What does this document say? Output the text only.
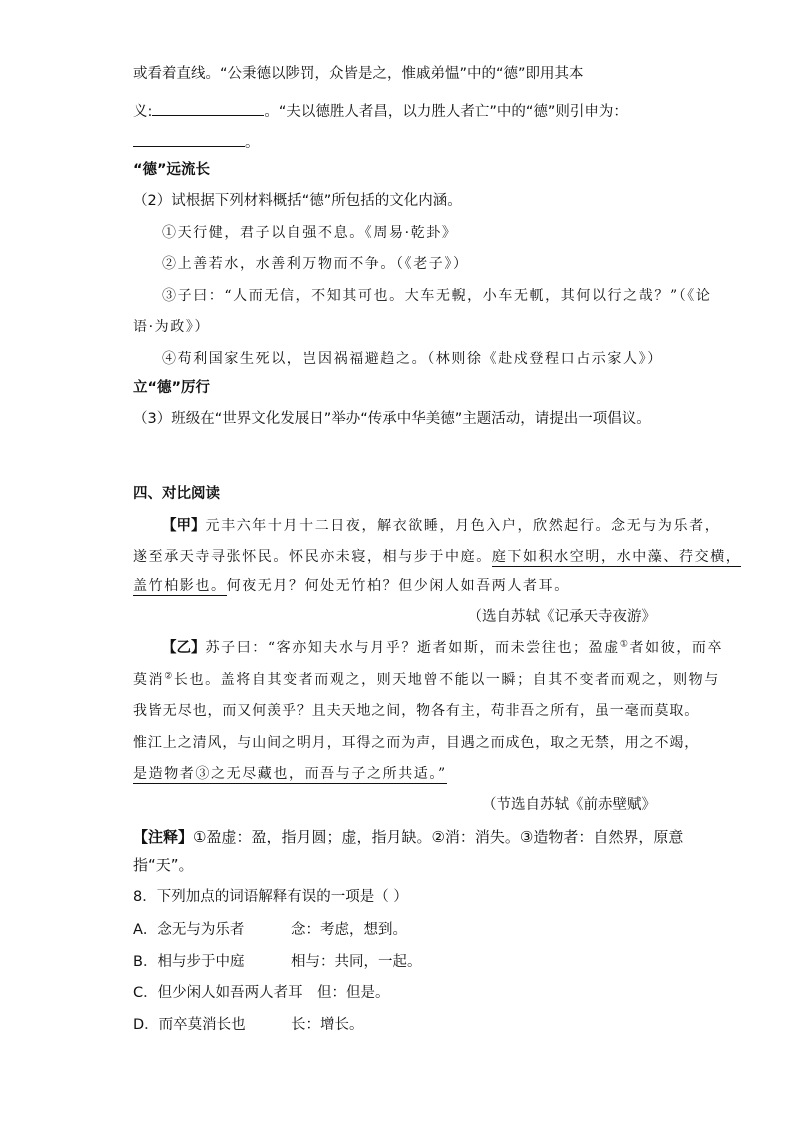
或看着直线。“公秉德以陟罚，众皆是之，惟戚弟愠”中的“德”即用其本
义:	。“夫以德胜人者昌，以力胜人者亡”中的“德”则引申为：
。
“德”远流长
（2）试根据下列材料概括“德”所包括的文化内涵。
①天行健，君子以自强不息。《周易·乾卦》
②上善若水，水善利万物而不争。（《老子》）
③子曰：“人而无信，不知其可也。大车无輗，小车无軏，其何以行之哉？”（《论
语·为政》）
④苟利国家生死以，岂因祸福避趋之。（林则徐《赴戍登程口占示家人》）
立“德”厉行
（3）班级在“世界文化发展日”举办“传承中华美德”主题活动，请提出一项倡议。
四、对比阅读
【甲】元丰六年十月十二日夜，解衣欲睡，月色入户，欣然起行。念无与为乐者，
遂至承天寺寻张怀民。怀民亦未寝，相与步于中庭。庭下如积水空明，水中藻、荇交横，
盖竹柏影也。何夜无月？何处无竹柏？但少闲人如吾两人者耳。
（选自苏轼《记承天寺夜游》
【乙】苏子曰：“客亦知夫水与月乎？逝者如斯，而未尝往也；盈虚①者如彼，而卒
莫消②长也。盖将自其变者而观之，则天地曾不能以一瞬；自其不变者而观之，则物与
我皆无尽也，而又何羡乎？且夫天地之间，物各有主，苟非吾之所有，虽一毫而莫取。
惟江上之清风，与山间之明月，耳得之而为声，目遇之而成色，取之无禁，用之不竭，
是造物者③之无尽藏也，而吾与子之所共适。”
（节选自苏轼《前赤壁赋》
【注释】①盈虚：盈，指月圆；虚，指月缺。②消：消失。③造物者：自然界，原意
指“天”。
8．下列加点的词语解释有误的一项是（ ）
A．念无与为乐者	念：考虑，想到。
B．相与步于中庭	相与：共同，一起。
C．但少闲人如吾两人者耳 但：但是。
D．而卒莫消长也	长：增长。
